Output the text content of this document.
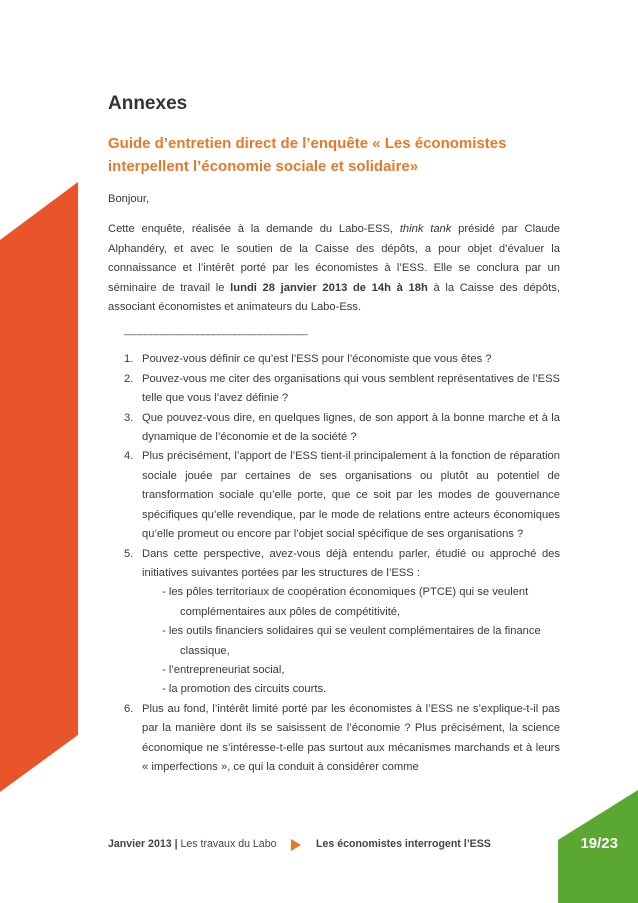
Annexes
Guide d’entretien direct de l’enquête « Les économistes interpellent l’économie sociale et solidaire»

Bonjour,

Cette enquête, réalisée à la demande du Labo-ESS, think tank présidé par Claude Alphandéry, et avec le soutien de la Caisse des dépôts, a pour objet d’évaluer la connaissance et l’intérêt porté par les économistes à l’ESS. Elle se conclura par un séminaire de travail le lundi 28 janvier 2013 de 14h à 18h à la Caisse des dépôts, associant économistes et animateurs du Labo-Ess.

___________________________________
1. Pouvez-vous définir ce qu’est l’ESS pour l’économiste que vous êtes ?
2. Pouvez-vous me citer des organisations qui vous semblent représentatives de l’ESS telle que vous l’avez définie ?
3. Que pouvez-vous dire, en quelques lignes, de son apport à la bonne marche et à la dynamique de l’économie et de la société ?
4. Plus précisément, l’apport de l’ESS tient-il principalement à la fonction de réparation sociale jouée par certaines de ses organisations ou plutôt au potentiel de transformation sociale qu’elle porte, que ce soit par les modes de gouvernance spécifiques qu’elle revendique, par le mode de relations entre acteurs économiques qu’elle promeut ou encore par l’objet social spécifique de ses organisations ?
5. Dans cette perspective, avez-vous déjà entendu parler, étudié ou approché des initiatives suivantes portées par les structures de l’ESS :
- les pôles territoriaux de coopération économiques (PTCE) qui se veulent complémentaires aux pôles de compétitivité,
- les outils financiers solidaires qui se veulent complémentaires de la finance classique,
- l’entrepreneuriat social,
- la promotion des circuits courts.
6. Plus au fond, l’intérêt limité porté par les économistes à l’ESS ne s’explique-t-il pas par la manière dont ils se saisissent de l’économie ? Plus précisément, la science économique ne s’intéresse-t-elle pas surtout aux mécanismes marchands et à leurs « imperfections », ce qui la conduit à considérer comme
Janvier 2013 | Les travaux du Labo	Les économistes interrogent l’ESS	19/23
